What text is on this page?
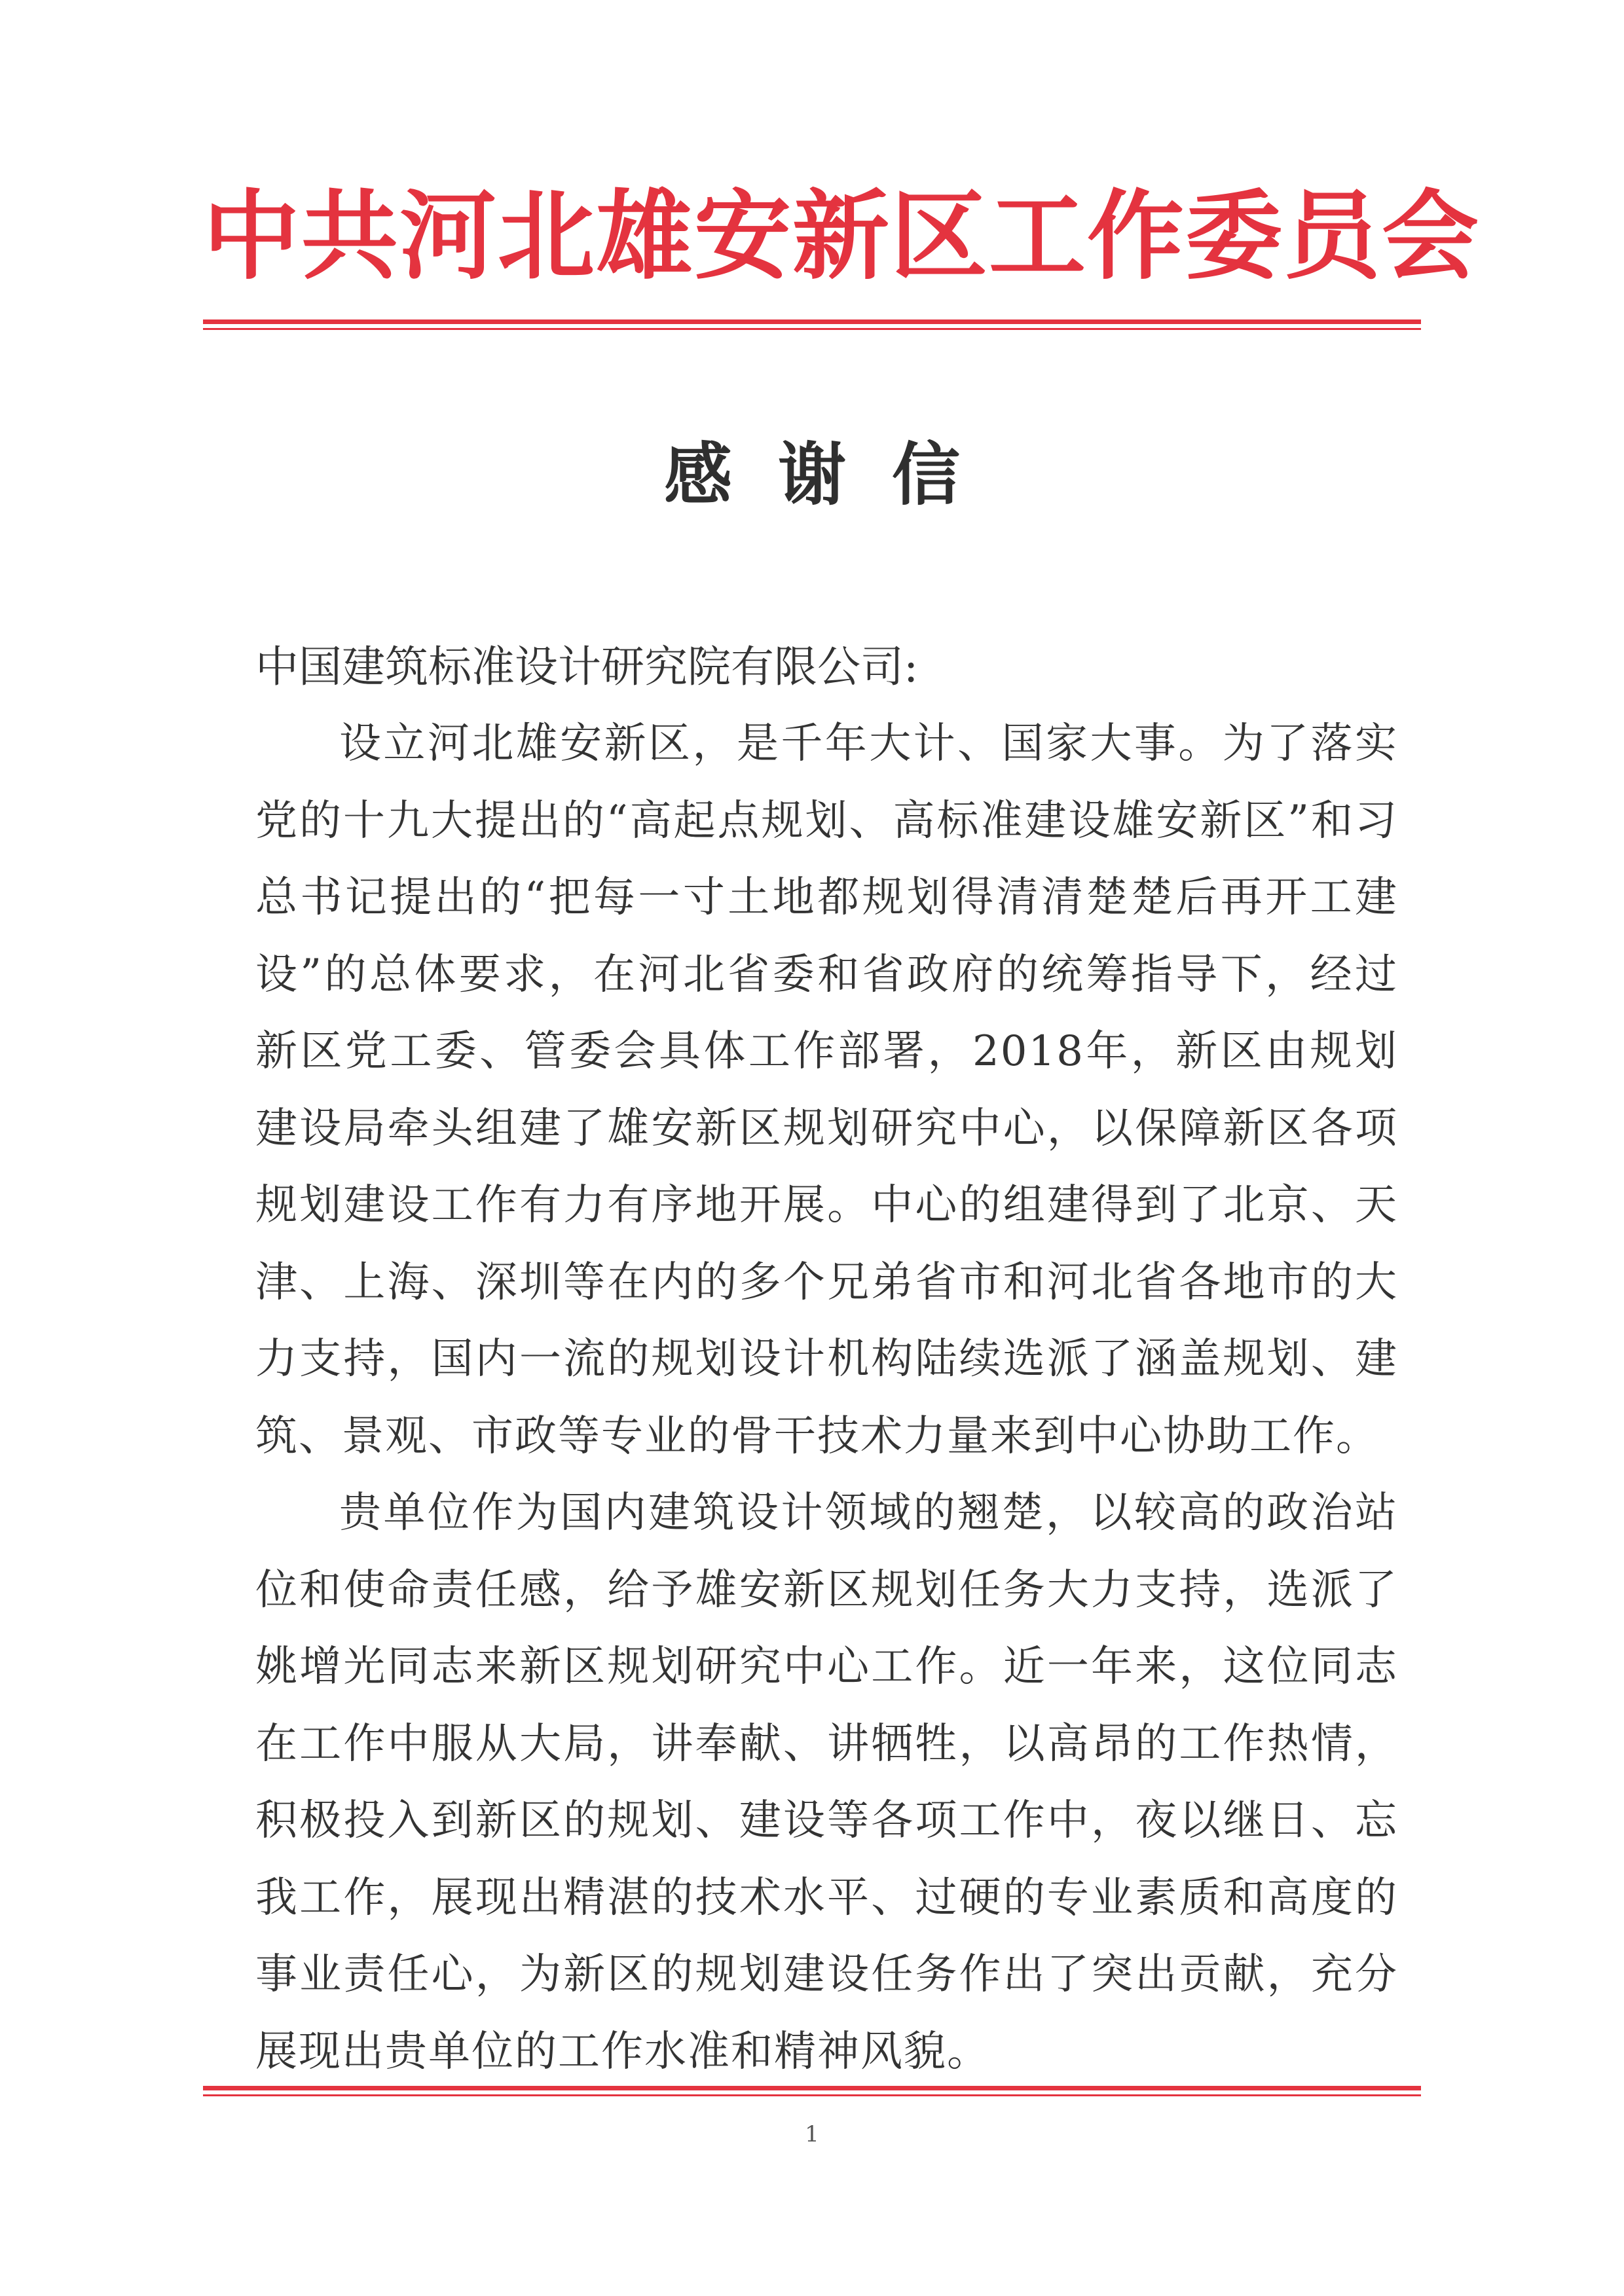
中共河北雄安新区工作委员会
感谢信
中国建筑标准设计研究院有限公司:

设立河北雄安新区，是千年大计、国家大事。为了落实党的十九大提出的“高起点规划、高标准建设雄安新区”和习总书记提出的“把每一寸土地都规划得清清楚楚后再开工建设”的总体要求，在河北省委和省政府的统筹指导下，经过新区党工委、管委会具体工作部署，2018年，新区由规划建设局牵头组建了雄安新区规划研究中心，以保障新区各项规划建设工作有力有序地开展。中心的组建得到了北京、天津、上海、深圳等在内的多个兄弟省市和河北省各地市的大力支持，国内一流的规划设计机构陆续选派了涵盖规划、建筑、景观、市政等专业的骨干技术力量来到中心协助工作。

贵单位作为国内建筑设计领域的翘楚，以较高的政治站位和使命责任感，给予雄安新区规划任务大力支持，选派了姚增光同志来新区规划研究中心工作。近一年来，这位同志在工作中服从大局，讲奉献、讲牺牲，以高昂的工作热情，积极投入到新区的规划、建设等各项工作中，夜以继日、忘我工作，展现出精湛的技术水平、过硬的专业素质和高度的事业责任心，为新区的规划建设任务作出了突出贡献，充分展现出贵单位的工作水准和精神风貌。

1
